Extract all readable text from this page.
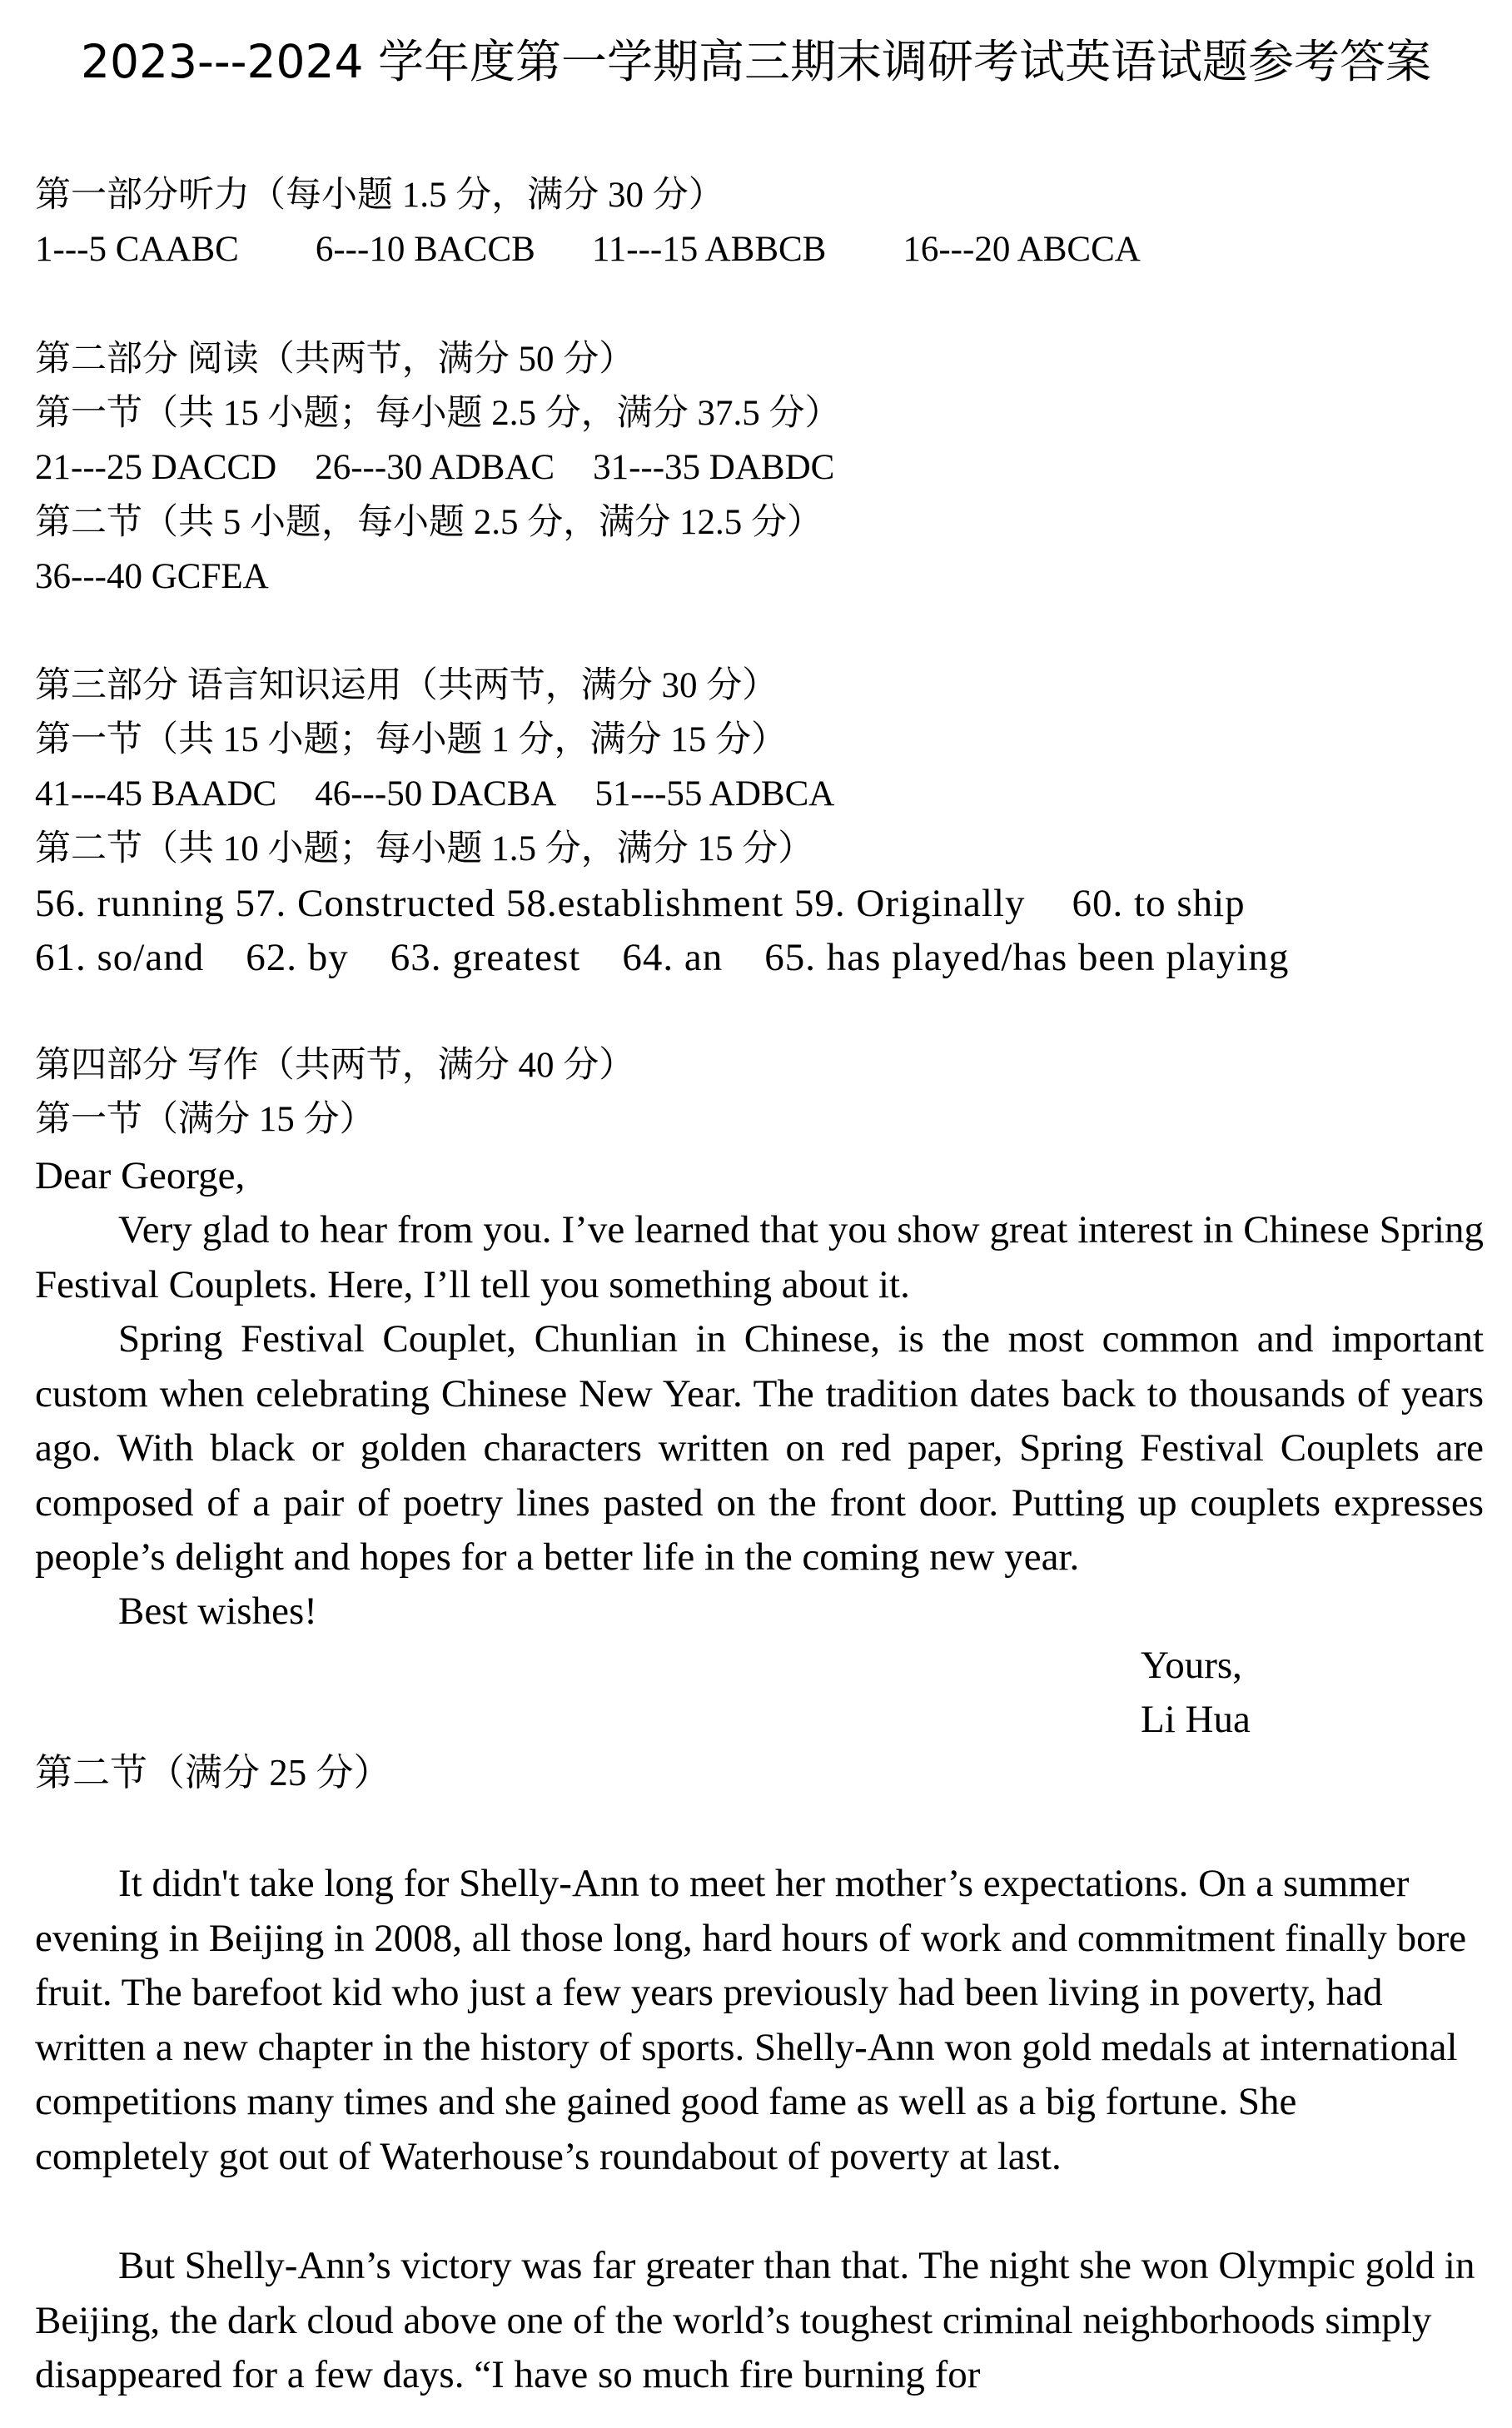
2023---2024 学年度第一学期高三期末调研考试英语试题参考答案
第一部分听力（每小题 1.5 分，满分 30 分）
1---5 CAABC 6---10 BACCB 11---15 ABBCB 16---20 ABCCA
第二部分 阅读（共两节，满分 50 分）
第一节（共 15 小题；每小题 2.5 分，满分 37.5 分）
21---25 DACCD 26---30 ADBAC 31---35 DABDC
第二节（共 5 小题，每小题 2.5 分，满分 12.5 分）
36---40 GCFEA
第三部分 语言知识运用（共两节，满分 30 分）
第一节（共 15 小题；每小题 1 分，满分 15 分）
41---45 BAADC 46---50 DACBA 51---55 ADBCA
第二节（共 10 小题；每小题 1.5 分，满分 15 分）
56. running 57. Constructed 58.establishment 59. Originally 60. to ship
61. so/and 62. by 63. greatest 64. an 65. has played/has been playing
第四部分 写作（共两节，满分 40 分）
第一节（满分 15 分）
Dear George,

Very glad to hear from you. I’ve learned that you show great interest in Chinese Spring Festival Couplets. Here, I’ll tell you something about it.

Spring Festival Couplet, Chunlian in Chinese, is the most common and important custom when celebrating Chinese New Year. The tradition dates back to thousands of years ago. With black or golden characters written on red paper, Spring Festival Couplets are composed of a pair of poetry lines pasted on the front door. Putting up couplets expresses people’s delight and hopes for a better life in the coming new year.

Best wishes!

Yours,
Li Hua
第二节（满分 25 分）

It didn't take long for Shelly-Ann to meet her mother’s expectations. On a summer evening in Beijing in 2008, all those long, hard hours of work and commitment finally bore fruit. The barefoot kid who just a few years previously had been living in poverty, had written a new chapter in the history of sports. Shelly-Ann won gold medals at international competitions many times and she gained good fame as well as a big fortune. She completely got out of Waterhouse’s roundabout of poverty at last.

But Shelly-Ann’s victory was far greater than that. The night she won Olympic gold in Beijing, the dark cloud above one of the world’s toughest criminal neighborhoods simply disappeared for a few days. “I have so much fire burning for
